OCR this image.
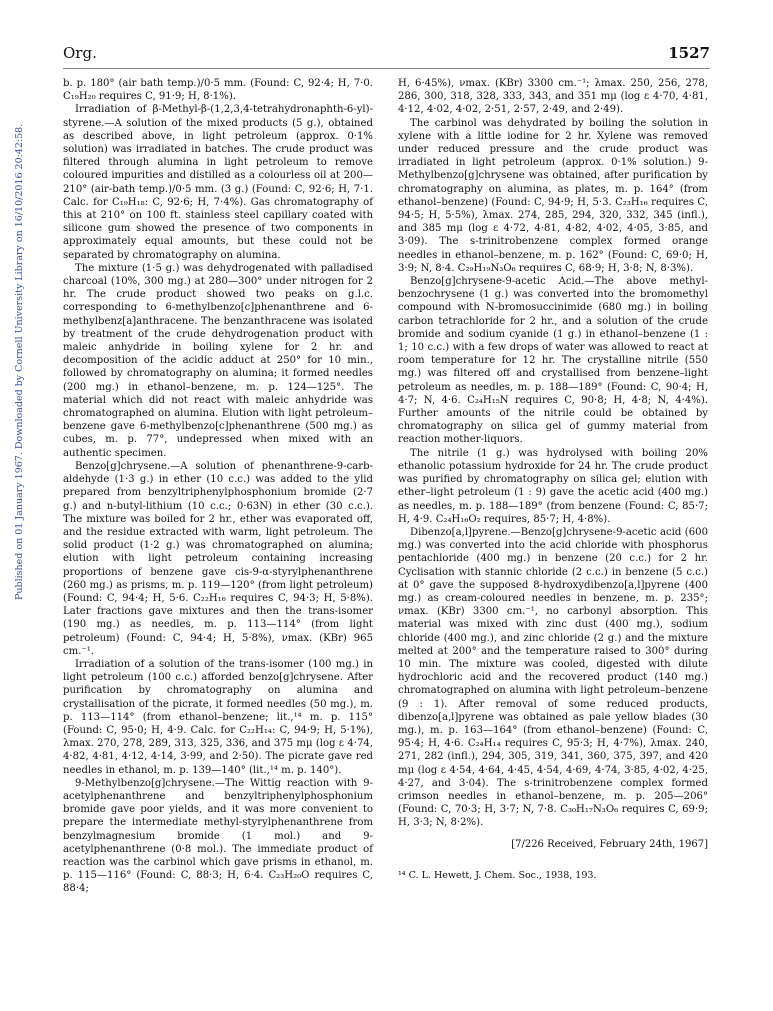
Org.	1527
Published on 01 January 1967. Downloaded by Cornell University Library on 16/10/2016 20:42:58.

b. p. 180° (air bath temp.)/0·5 mm. (Found: C, 92·4; H, 7·0. C₁₉H₂₀ requires C, 91·9; H, 8·1%).

Irradiation of β-Methyl-β-(1,2,3,4-tetrahydronaphth-6-yl)-styrene.—A solution of the mixed products (5 g.), obtained as described above, in light petroleum (approx. 0·1% solution) was irradiated in batches. The crude product was filtered through alumina in light petroleum to remove coloured impurities and distilled as a colourless oil at 200—210° (air-bath temp.)/0·5 mm. (3 g.) (Found: C, 92·6; H, 7·1. Calc. for C₁₉H₁₈: C, 92·6; H, 7·4%). Gas chromatography of this at 210° on 100 ft. stainless steel capillary coated with silicone gum showed the presence of two components in approximately equal amounts, but these could not be separated by chromatography on alumina.

The mixture (1·5 g.) was dehydrogenated with palladised charcoal (10%, 300 mg.) at 280—300° under nitrogen for 2 hr. The crude product showed two peaks on g.l.c. corresponding to 6-methylbenzo[c]phenanthrene and 6-methylbenz[a]anthracene. The benzanthracene was isolated by treatment of the crude dehydrogenation product with maleic anhydride in boiling xylene for 2 hr. and decomposition of the acidic adduct at 250° for 10 min., followed by chromatography on alumina; it formed needles (200 mg.) in ethanol–benzene, m. p. 124—125°. The material which did not react with maleic anhydride was chromatographed on alumina. Elution with light petroleum–benzene gave 6-methylbenzo[c]phenanthrene (500 mg.) as cubes, m. p. 77°, undepressed when mixed with an authentic specimen.

Benzo[g]chrysene.—A solution of phenanthrene-9-carb-aldehyde (1·3 g.) in ether (10 c.c.) was added to the ylid prepared from benzyltriphenylphosphonium bromide (2·7 g.) and n-butyl-lithium (10 c.c.; 0·63N) in ether (30 c.c.). The mixture was boiled for 2 hr., ether was evaporated off, and the residue extracted with warm, light petroleum. The solid product (1·2 g.) was chromatographed on alumina; elution with light petroleum containing increasing proportions of benzene gave cis-9-α-styrylphenanthrene (260 mg.) as prisms, m. p. 119—120° (from light petroleum) (Found: C, 94·4; H, 5·6. C₂₂H₁₆ requires C, 94·3; H, 5·8%). Later fractions gave mixtures and then the trans-isomer (190 mg.) as needles, m. p. 113—114° (from light petroleum) (Found: C, 94·4; H, 5·8%), νmax. (KBr) 965 cm.⁻¹.

Irradiation of a solution of the trans-isomer (100 mg.) in light petroleum (100 c.c.) afforded benzo[g]chrysene. After purification by chromatography on alumina and crystallisation of the picrate, it formed needles (50 mg.), m. p. 113—114° (from ethanol–benzene; lit.,¹⁴ m. p. 115° (Found: C, 95·0; H, 4·9. Calc. for C₂₂H₁₄: C, 94·9; H, 5·1%), λmax. 270, 278, 289, 313, 325, 336, and 375 mμ (log ε 4·74, 4·82, 4·81, 4·12, 4·14, 3·99, and 2·50). The picrate gave red needles in ethanol, m. p. 139—140° (lit.,¹⁴ m. p. 140°).

9-Methylbenzo[g]chrysene.—The Wittig reaction with 9-acetylphenanthrene and benzyltriphenylphosphonium bromide gave poor yields, and it was more convenient to prepare the intermediate methyl-styrylphenanthrene from benzylmagnesium bromide (1 mol.) and 9-acetylphenanthrene (0·8 mol.). The immediate product of reaction was the carbinol which gave prisms in ethanol, m. p. 115—116° (Found: C, 88·3; H, 6·4. C₂₃H₂₀O requires C, 88·4;

H, 6·45%), νmax. (KBr) 3300 cm.⁻¹; λmax. 250, 256, 278, 286, 300, 318, 328, 333, 343, and 351 mμ (log ε 4·70, 4·81, 4·12, 4·02, 4·02, 2·51, 2·57, 2·49, and 2·49).

The carbinol was dehydrated by boiling the solution in xylene with a little iodine for 2 hr. Xylene was removed under reduced pressure and the crude product was irradiated in light petroleum (approx. 0·1% solution.) 9-Methylbenzo[g]chrysene was obtained, after purification by chromatography on alumina, as plates, m. p. 164° (from ethanol–benzene) (Found: C, 94·9; H, 5·3. C₂₃H₁₆ requires C, 94·5; H, 5·5%), λmax. 274, 285, 294, 320, 332, 345 (infl.), and 385 mμ (log ε 4·72, 4·81, 4·82, 4·02, 4·05, 3·85, and 3·09). The s-trinitrobenzene complex formed orange needles in ethanol–benzene, m. p. 162° (Found: C, 69·0; H, 3·9; N, 8·4. C₂₉H₁₉N₃O₆ requires C, 68·9; H, 3·8; N, 8·3%).

Benzo[g]chrysene-9-acetic Acid.—The above methyl-benzochrysene (1 g.) was converted into the bromomethyl compound with N-bromosuccinimide (680 mg.) in boiling carbon tetrachloride for 2 hr., and a solution of the crude bromide and sodium cyanide (1 g.) in ethanol–benzene (1 : 1; 10 c.c.) with a few drops of water was allowed to react at room temperature for 12 hr. The crystalline nitrile (550 mg.) was filtered off and crystallised from benzene–light petroleum as needles, m. p. 188—189° (Found: C, 90·4; H, 4·7; N, 4·6. C₂₄H₁₅N requires C, 90·8; H, 4·8; N, 4·4%). Further amounts of the nitrile could be obtained by chromatography on silica gel of gummy material from reaction mother-liquors.

The nitrile (1 g.) was hydrolysed with boiling 20% ethanolic potassium hydroxide for 24 hr. The crude product was purified by chromatography on silica gel; elution with ether–light petroleum (1 : 9) gave the acetic acid (400 mg.) as needles, m. p. 188—189° (from benzene (Found: C, 85·7; H, 4·9. C₂₄H₁₆O₂ requires, 85·7; H, 4·8%).

Dibenzo[a,l]pyrene.—Benzo[g]chrysene-9-acetic acid (600 mg.) was converted into the acid chloride with phosphorus pentachloride (400 mg.) in benzene (20 c.c.) for 2 hr. Cyclisation with stannic chloride (2 c.c.) in benzene (5 c.c.) at 0° gave the supposed 8-hydroxydibenzo[a,l]pyrene (400 mg.) as cream-coloured needles in benzene, m. p. 235°; νmax. (KBr) 3300 cm.⁻¹, no carbonyl absorption. This material was mixed with zinc dust (400 mg.), sodium chloride (400 mg.), and zinc chloride (2 g.) and the mixture melted at 200° and the temperature raised to 300° during 10 min. The mixture was cooled, digested with dilute hydrochloric acid and the recovered product (140 mg.) chromatographed on alumina with light petroleum–benzene (9 : 1). After removal of some reduced products, dibenzo[a,l]pyrene was obtained as pale yellow blades (30 mg.), m. p. 163—164° (from ethanol–benzene) (Found: C, 95·4; H, 4·6. C₂₄H₁₄ requires C, 95·3; H, 4·7%), λmax. 240, 271, 282 (infl.), 294, 305, 319, 341, 360, 375, 397, and 420 mμ (log ε 4·54, 4·64, 4·45, 4·54, 4·69, 4·74, 3·85, 4·02, 4·25, 4·27, and 3·04). The s-trinitrobenzene complex formed crimson needles in ethanol–benzene, m. p. 205—206° (Found: C, 70·3; H, 3·7; N, 7·8. C₃₀H₁₇N₃O₆ requires C, 69·9; H, 3·3; N, 8·2%).

[7/226 Received, February 24th, 1967]

¹⁴ C. L. Hewett, J. Chem. Soc., 1938, 193.
